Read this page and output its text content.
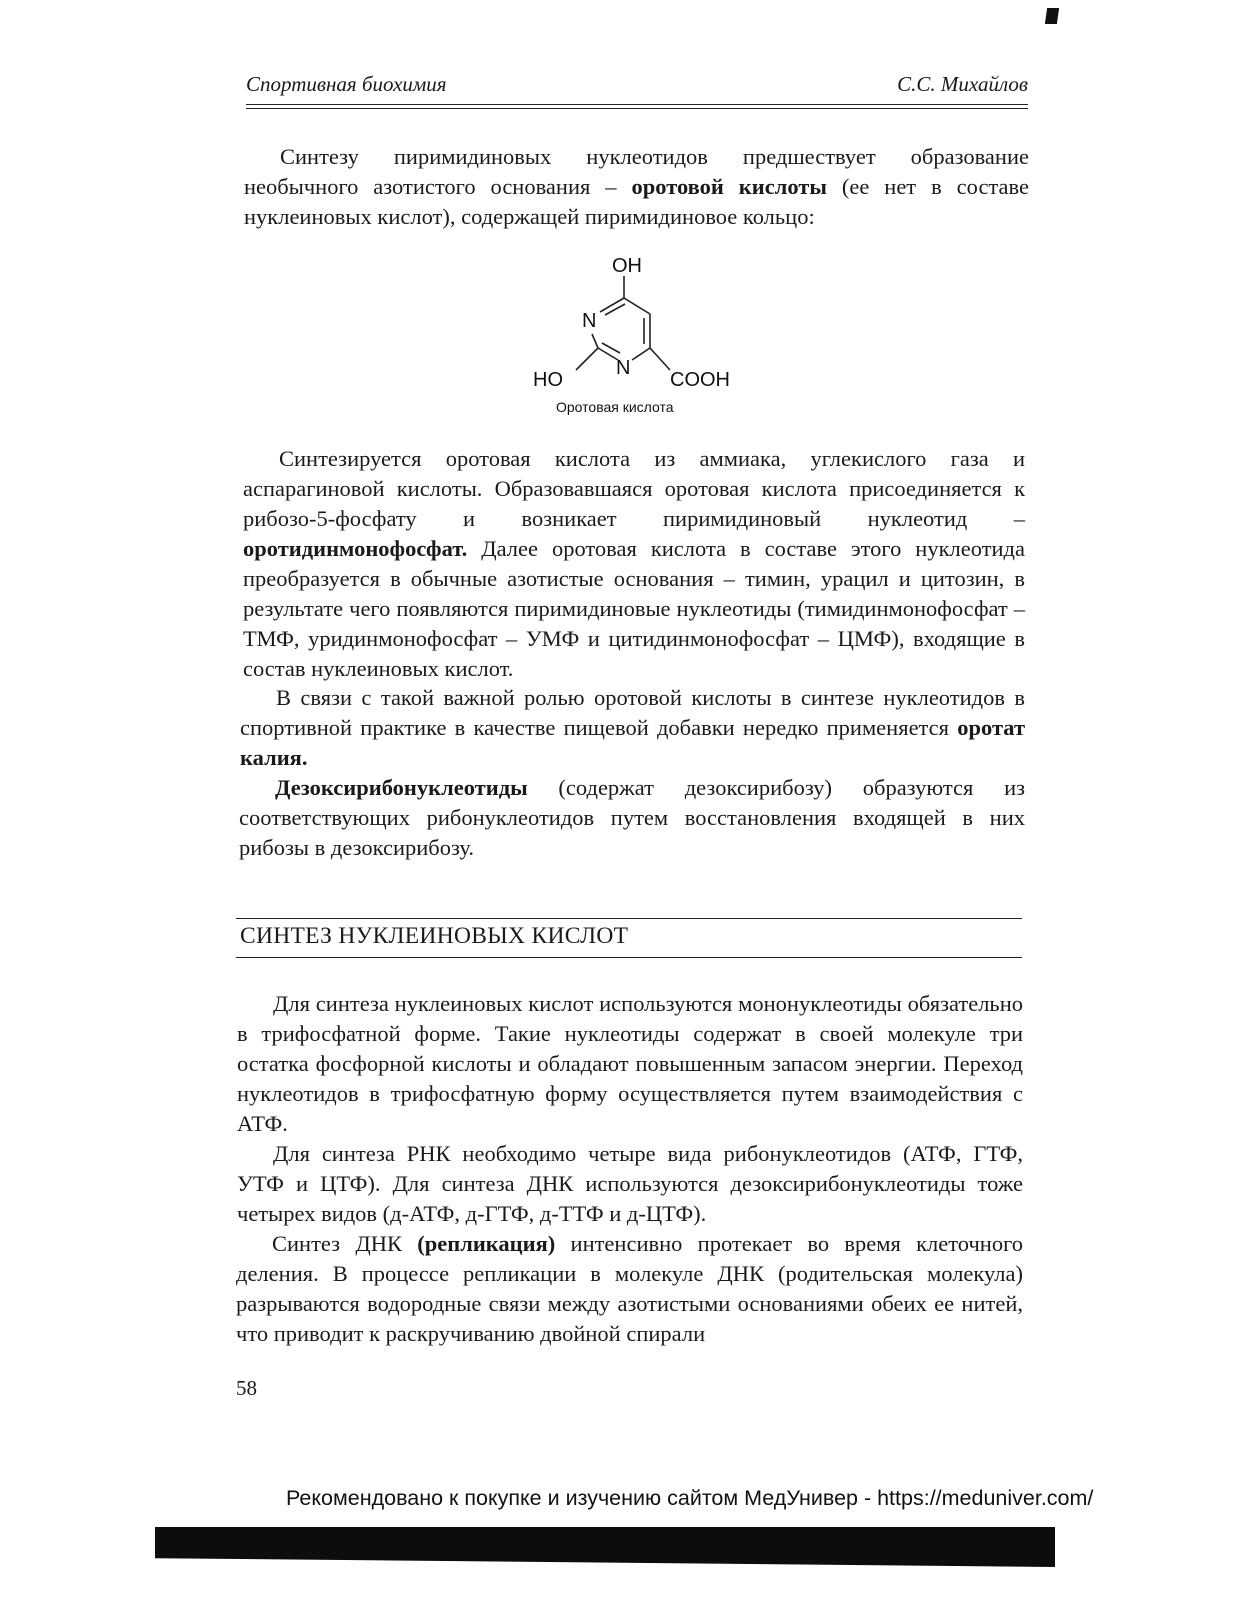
Спортивная биохимия	С.С. Михайлов

Синтезу пиримидиновых нуклеотидов предшествует образование необычного азотистого основания – оротовой кислоты (ее нет в составе нуклеиновых кислот), содержащей пиримидиновое кольцо:

OH
N
N
HO	COOH
Оротовая кислота

Синтезируется оротовая кислота из аммиака, углекислого газа и аспарагиновой кислоты. Образовавшаяся оротовая кислота присоединяется к рибозо-5-фосфату и возникает пиримидиновый нуклеотид – оротидинмонофосфат. Далее оротовая кислота в составе этого нуклеотида преобразуется в обычные азотистые основания – тимин, урацил и цитозин, в результате чего появляются пиримидиновые нуклеотиды (тимидинмонофосфат – ТМФ, уридинмонофосфат – УМФ и цитидинмонофосфат – ЦМФ), входящие в состав нуклеиновых кислот.

В связи с такой важной ролью оротовой кислоты в синтезе нуклеотидов в спортивной практике в качестве пищевой добавки нередко применяется оротат калия.

Дезоксирибонуклеотиды (содержат дезоксирибозу) образуются из соответствующих рибонуклеотидов путем восстановления входящей в них рибозы в дезоксирибозу.

СИНТЕЗ НУКЛЕИНОВЫХ КИСЛОТ

Для синтеза нуклеиновых кислот используются мононуклеотиды обязательно в трифосфатной форме. Такие нуклеотиды содержат в своей молекуле три остатка фосфорной кислоты и обладают повышенным запасом энергии. Переход нуклеотидов в трифосфатную форму осуществляется путем взаимодействия с АТФ.

Для синтеза РНК необходимо четыре вида рибонуклеотидов (АТФ, ГТФ, УТФ и ЦТФ). Для синтеза ДНК используются дезоксирибонуклеотиды тоже четырех видов (д-АТФ, д-ГТФ, д-ТТФ и д-ЦТФ).

Синтез ДНК (репликация) интенсивно протекает во время клеточного деления. В процессе репликации в молекуле ДНК (родительская молекула) разрываются водородные связи между азотистыми основаниями обеих ее нитей, что приводит к раскручиванию двойной спирали

58
Рекомендовано к покупке и изучению сайтом МедУнивер - https://meduniver.com/
